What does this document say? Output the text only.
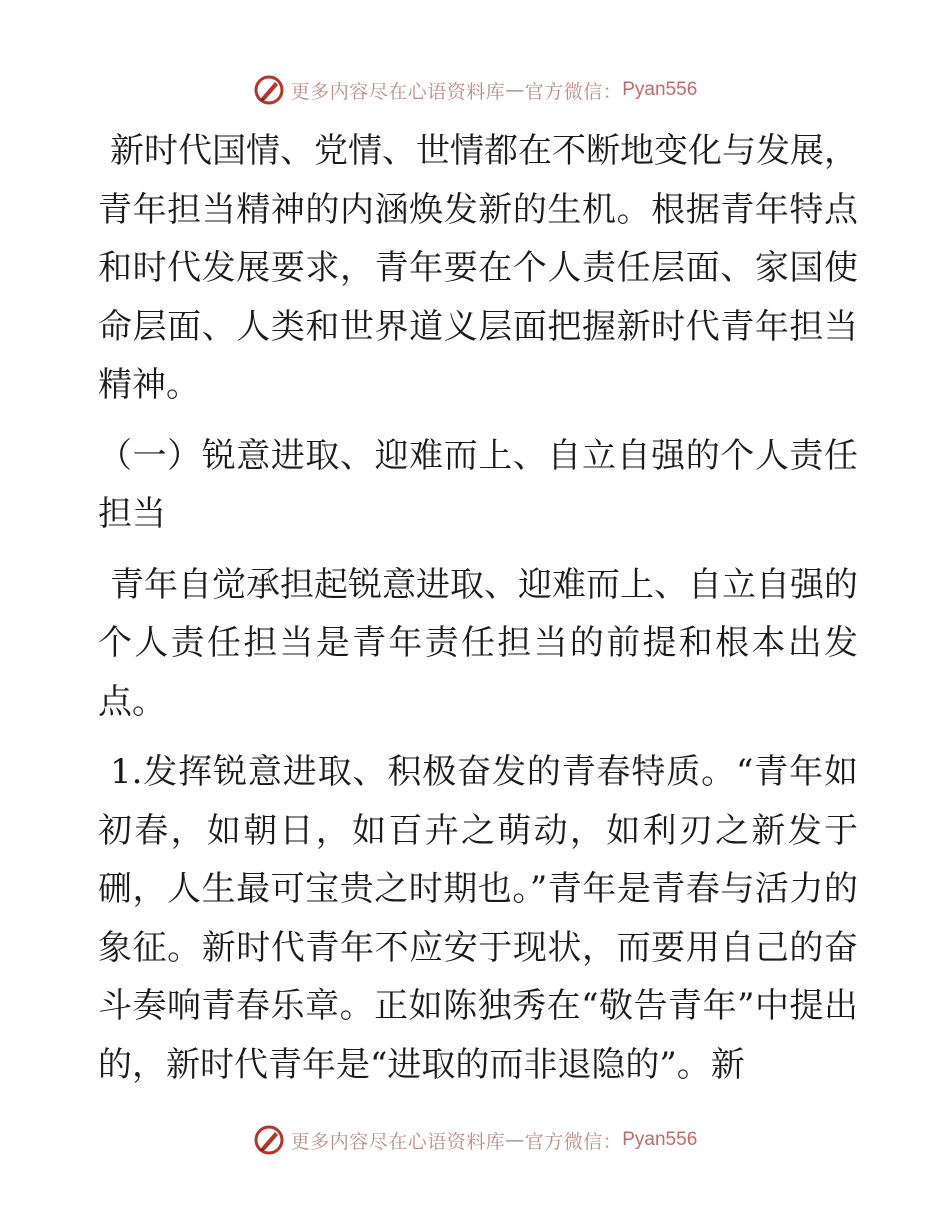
更多内容尽在心语资料库 — 官方微信： Pyan556

新时代国情、党情、世情都在不断地变化与发展，青年担当精神的内涵焕发新的生机。根据青年特点和时代发展要求，青年要在个人责任层面、家国使命层面、人类和世界道义层面把握新时代青年担当精神。

（一）锐意进取、迎难而上、自立自强的个人责任担当

青年自觉承担起锐意进取、迎难而上、自立自强的个人责任担当是青年责任担当的前提和根本出发点。

1.发挥锐意进取、积极奋发的青春特质。“青年如初春，如朝日，如百卉之萌动，如利刃之新发于硎，人生最可宝贵之时期也。”青年是青春与活力的象征。新时代青年不应安于现状，而要用自己的奋斗奏响青春乐章。正如陈独秀在“敬告青年”中提出的，新时代青年是“进取的而非退隐的”。新

更多内容尽在心语资料库 — 官方微信： Pyan556
